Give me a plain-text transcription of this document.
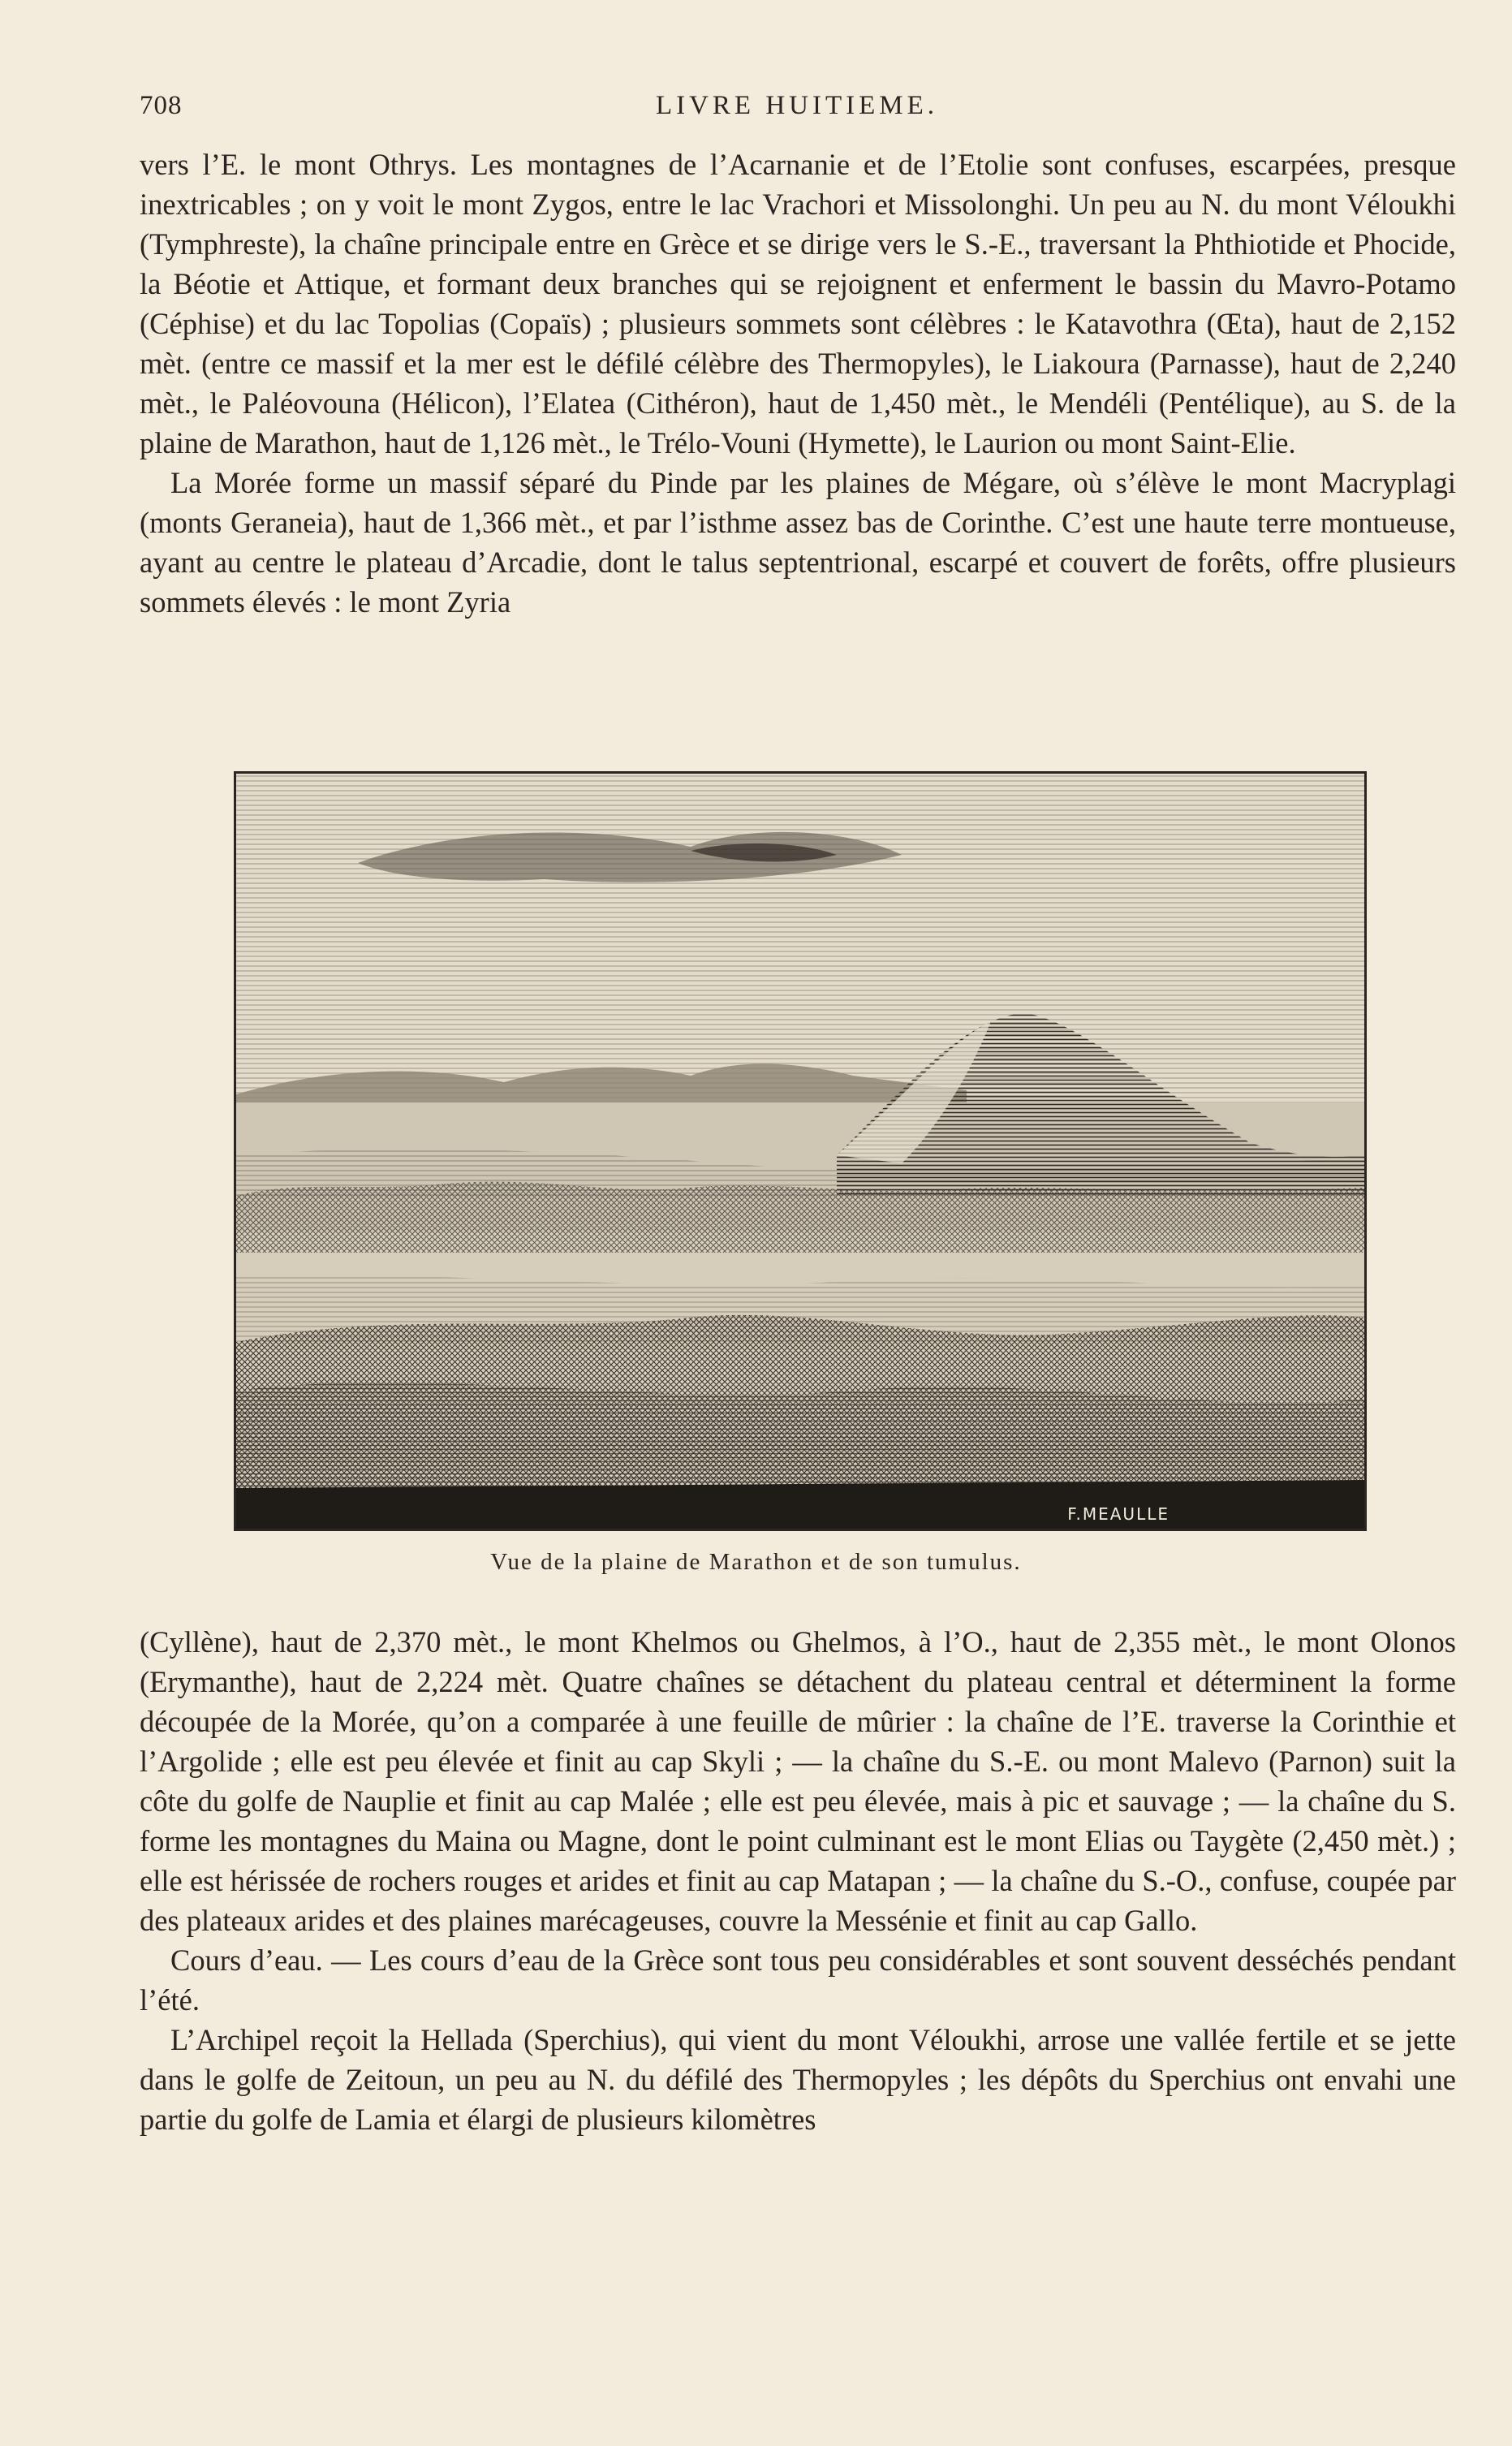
708	LIVRE HUITIEME.

vers l’E. le mont Othrys. Les montagnes de l’Acarnanie et de l’Etolie sont confuses, escarpées, presque inextricables ; on y voit le mont Zygos, entre le lac Vrachori et Missolonghi. Un peu au N. du mont Véloukhi (Tymphreste), la chaîne principale entre en Grèce et se dirige vers le S.-E., traversant la Phthiotide et Phocide, la Béotie et Attique, et formant deux branches qui se rejoignent et enferment le bassin du Mavro-Potamo (Céphise) et du lac Topolias (Copaïs) ; plusieurs sommets sont célèbres : le Katavothra (Œta), haut de 2,152 mèt. (entre ce massif et la mer est le défilé célèbre des Thermopyles), le Liakoura (Parnasse), haut de 2,240 mèt., le Paléovouna (Hélicon), l’Elatea (Cithéron), haut de 1,450 mèt., le Mendéli (Pentélique), au S. de la plaine de Marathon, haut de 1,126 mèt., le Trélo-Vouni (Hymette), le Laurion ou mont Saint-Elie.

La Morée forme un massif séparé du Pinde par les plaines de Mégare, où s’élève le mont Macryplagi (monts Geraneia), haut de 1,366 mèt., et par l’isthme assez bas de Corinthe. C’est une haute terre montueuse, ayant au centre le plateau d’Arcadie, dont le talus septentrional, escarpé et couvert de forêts, offre plusieurs sommets élevés : le mont Zyria

F.MEAULLE
Vue de la plaine de Marathon et de son tumulus.

(Cyllène), haut de 2,370 mèt., le mont Khelmos ou Ghelmos, à l’O., haut de 2,355 mèt., le mont Olonos (Erymanthe), haut de 2,224 mèt. Quatre chaînes se détachent du plateau central et déterminent la forme découpée de la Morée, qu’on a comparée à une feuille de mûrier : la chaîne de l’E. traverse la Corinthie et l’Argolide ; elle est peu élevée et finit au cap Skyli ; — la chaîne du S.-E. ou mont Malevo (Parnon) suit la côte du golfe de Nauplie et finit au cap Malée ; elle est peu élevée, mais à pic et sauvage ; — la chaîne du S. forme les montagnes du Maina ou Magne, dont le point culminant est le mont Elias ou Taygète (2,450 mèt.) ; elle est hérissée de rochers rouges et arides et finit au cap Matapan ; — la chaîne du S.-O., confuse, coupée par des plateaux arides et des plaines marécageuses, couvre la Messénie et finit au cap Gallo.

Cours d’eau. — Les cours d’eau de la Grèce sont tous peu considérables et sont souvent desséchés pendant l’été.

L’Archipel reçoit la Hellada (Sperchius), qui vient du mont Véloukhi, arrose une vallée fertile et se jette dans le golfe de Zeitoun, un peu au N. du défilé des Thermopyles ; les dépôts du Sperchius ont envahi une partie du golfe de Lamia et élargi de plusieurs kilomètres
